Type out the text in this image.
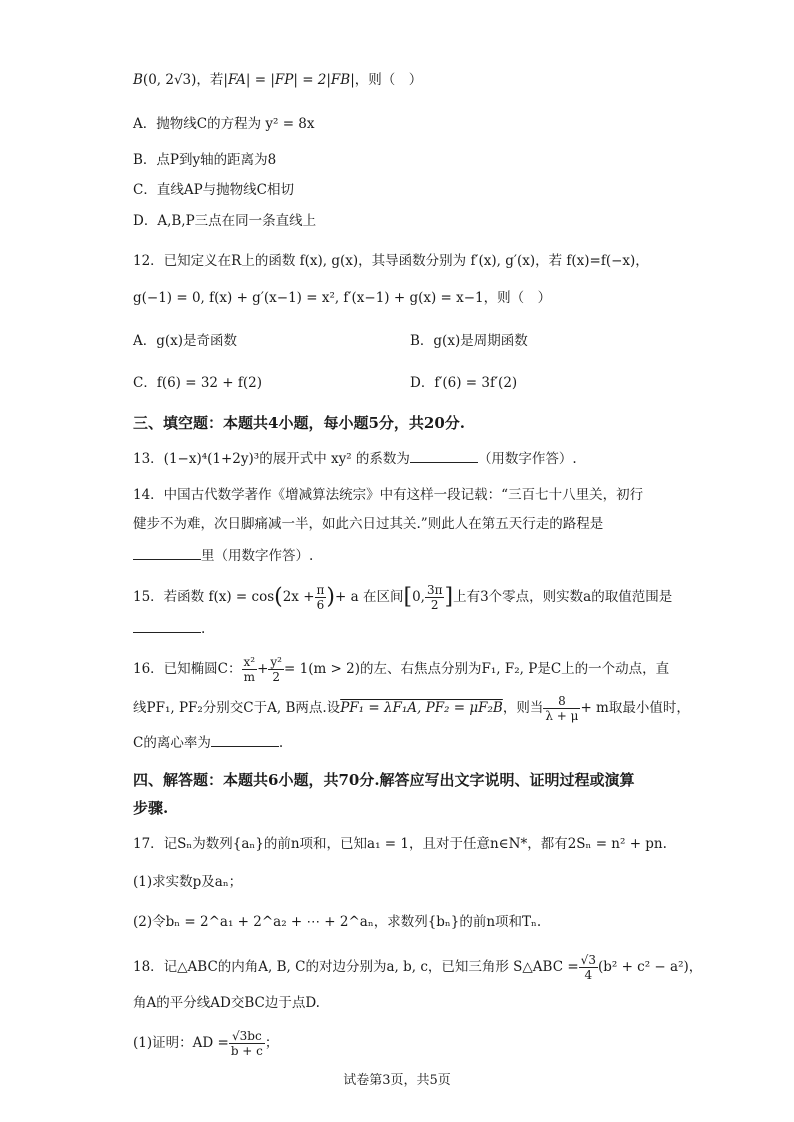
B(0, 2√3)，若|FA| = |FP| = 2|FB|，则（　）
A．抛物线C的方程为 y² = 8x
B．点P到y轴的距离为8
C．直线AP与抛物线C相切
D．A,B,P三点在同一条直线上
12．已知定义在R上的函数 f(x), g(x)，其导函数分别为 f′(x), g′(x)，若 f(x)=f(−x)，
g(−1) = 0, f(x) + g′(x−1) = x², f′(x−1) + g(x) = x−1，则（　）
A．g(x)是奇函数	B．g(x)是周期函数
C．f(6) = 32 + f(2)	D．f′(6) = 3f′(2)
三、填空题：本题共4小题，每小题5分，共20分.
13．(1−x)⁴(1+2y)³的展开式中 xy² 的系数为	（用数字作答）.
14．中国古代数学著作《增减算法统宗》中有这样一段记载：“三百七十八里关，初行
健步不为难，次日脚痛减一半，如此六日过其关.”则此人在第五天行走的路程是
里（用数字作答）.
15．若函数 $f(x) = \cos(2x + \frac{\pi}{6}$ )+ a 在区间[0, $\frac{3\pi}{2}$ ]上有3个零点，则实数a的取值范围是
.
16．已知椭圆C： $\frac{\text{x²}}{m} + \frac{\text{y²}}{2} = 1(m > 2)$的左、右焦点分别为F₁, F₂, P是C上的一个动点，直
线PF₁, PF₂分别交C于A, B两点.设PF₁ = λF₁A, PF₂ = μF₂B，则当 $\frac{8}{\lambda + \mu} + m$取最小值时，
C的离心率为	.
四、解答题：本题共6小题，共70分.解答应写出文字说明、证明过程或演算
步骤.
17．记Sₙ为数列{aₙ}的前n项和，已知a₁ = 1，且对于任意n∈N*，都有2Sₙ = n² + pn.
(1)求实数p及aₙ；
(2)令bₙ = 2^a₁ + 2^a₂ + ⋯ + 2^aₙ，求数列{bₙ}的前n项和Tₙ.
18．记△ABC的内角A, B, C的对边分别为a, b, c，已知三角形 S△ABC = $\frac{√3}{4} (b^2 + c^2 - a^2)$，
角A的平分线AD交BC边于点D.
(1)证明：AD = $\frac{√3bc}{b + c}$ ；
试卷第3页，共5页
